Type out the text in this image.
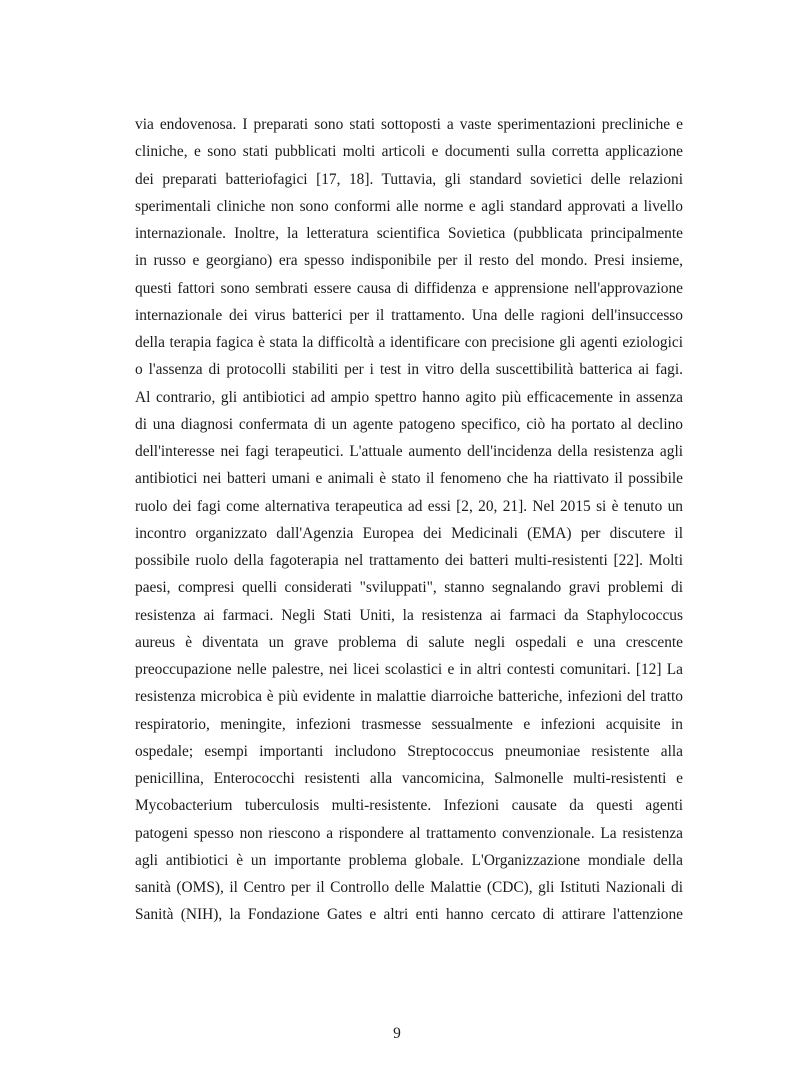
via endovenosa. I preparati sono stati sottoposti a vaste sperimentazioni precliniche e
cliniche, e sono stati pubblicati molti articoli e documenti sulla corretta applicazione
dei preparati batteriofagici [17, 18]. Tuttavia, gli standard sovietici delle relazioni
sperimentali cliniche non sono conformi alle norme e agli standard approvati a livello
internazionale. Inoltre, la letteratura scientifica Sovietica (pubblicata principalmente
in russo e georgiano) era spesso indisponibile per il resto del mondo. Presi insieme,
questi fattori sono sembrati essere causa di diffidenza e apprensione nell'approvazione
internazionale dei virus batterici per il trattamento. Una delle ragioni dell'insuccesso
della terapia fagica è stata la difficoltà a identificare con precisione gli agenti eziologici
o l'assenza di protocolli stabiliti per i test in vitro della suscettibilità batterica ai fagi.
Al contrario, gli antibiotici ad ampio spettro hanno agito più efficacemente in assenza
di una diagnosi confermata di un agente patogeno specifico, ciò ha portato al declino
dell'interesse nei fagi terapeutici. L'attuale aumento dell'incidenza della resistenza agli
antibiotici nei batteri umani e animali è stato il fenomeno che ha riattivato il possibile
ruolo dei fagi come alternativa terapeutica ad essi [2, 20, 21]. Nel 2015 si è tenuto un
incontro organizzato dall'Agenzia Europea dei Medicinali (EMA) per discutere il
possibile ruolo della fagoterapia nel trattamento dei batteri multi-resistenti [22]. Molti
paesi, compresi quelli considerati "sviluppati", stanno segnalando gravi problemi di
resistenza ai farmaci. Negli Stati Uniti, la resistenza ai farmaci da Staphylococcus
aureus è diventata un grave problema di salute negli ospedali e una crescente
preoccupazione nelle palestre, nei licei scolastici e in altri contesti comunitari. [12] La
resistenza microbica è più evidente in malattie diarroiche batteriche, infezioni del tratto
respiratorio, meningite, infezioni trasmesse sessualmente e infezioni acquisite in
ospedale; esempi importanti includono Streptococcus pneumoniae resistente alla
penicillina, Enterococchi resistenti alla vancomicina, Salmonelle multi-resistenti e
Mycobacterium tuberculosis multi-resistente. Infezioni causate da questi agenti
patogeni spesso non riescono a rispondere al trattamento convenzionale. La resistenza
agli antibiotici è un importante problema globale. L'Organizzazione mondiale della
sanità (OMS), il Centro per il Controllo delle Malattie (CDC), gli Istituti Nazionali di
Sanità (NIH), la Fondazione Gates e altri enti hanno cercato di attirare l'attenzione
9
